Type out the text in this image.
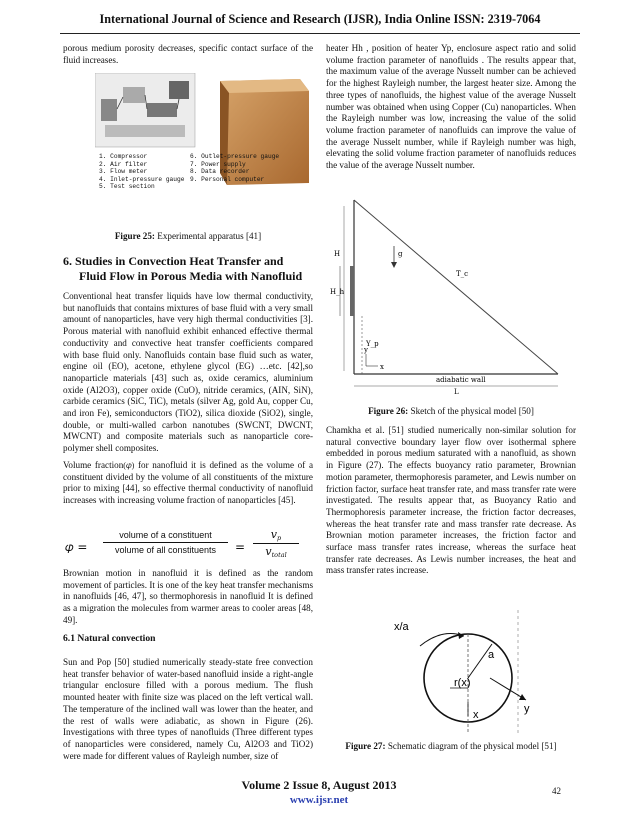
International Journal of Science and Research (IJSR), India Online ISSN: 2319-7064
porous medium porosity decreases, specific contact surface of the fluid increases.
1. Compressor
2. Air filter
3. Flow meter
4. Inlet-pressure gauge
5. Test section
6. Outlet-pressure gauge
7. Power supply
8. Data recorder
9. Personal computer
Figure 25: Experimental apparatus [41]
6. Studies in Convection Heat Transfer and
Fluid Flow in Porous Media with Nanofluid
Conventional heat transfer liquids have low thermal conductivity, but nanofluids that contains mixtures of base fluid with a very small amount of nanoparticles, have very high thermal conductivities [3]. Porous material with nanofluid exhibit enhanced effective thermal conductivity and convective heat transfer coefficients compared with base fluid only. Nanofluids contain base fluid such as water, engine oil (EO), acetone, ethylene glycol (EG) …etc. [42],so nanoparticle materials [43] such as, oxide ceramics, aluminium oxide (Al2O3), copper oxide (CuO), nitride ceramics, (AIN, SiN), carbide ceramics (SiC, TiC), metals (silver Ag, gold Au, copper Cu, and iron Fe), semiconductors (TiO2), silica dioxide (SiO2), single, double, or multi-walled carbon nanotubes (SWCNT, DWCNT, MWCNT) and composite materials such as nanoparticle core-polymer shell composites.
Volume fraction(𝜑) for nanofluid it is defined as the volume of a constituent divided by the volume of all constituents of the mixture prior to mixing [44], so effective thermal conductivity of nanofluid increases with increasing volume fraction of nanoparticles [45].
𝜑 =
volume of a constituent
volume of all constituents	=
𝑣$_𝑝$
𝑣$_{𝑡𝑜𝑡𝑎𝑙}$
Brownian motion in nanofluid it is defined as the random movement of particles. It is one of the key heat transfer mechanisms in nanofluids [46, 47], so thermophoresis in nanofluid It is defined as a migration the molecules from warmer areas to cooler areas [48, 49].
6.1 Natural convection
Sun and Pop [50] studied numerically steady-state free convection heat transfer behavior of water-based nanofluid inside a right-angle triangular enclosure filled with a porous medium. The flush mounted heater with finite size was placed on the left vertical wall. The temperature of the inclined wall was lower than the heater, and the rest of walls were adiabatic, as shown in Figure (26). Investigations with three types of nanofluids (Three different types of nanoparticles were considered, namely Cu, Al2O3 and TiO2) were made for different values of Rayleigh number, size of
heater Hh , position of heater Yp, enclosure aspect ratio and solid volume fraction parameter of nanofluids . The results appear that, the maximum value of the average Nusselt number can be achieved for the highest Rayleigh number, the largest heater size. Among the three types of nanofluids, the highest value of the average Nusselt number was obtained when using Copper (Cu) nanoparticles. When the Rayleigh number was low, increasing the value of the solid volume fraction parameter of nanofluids can improve the value of the average Nusselt number, while if Rayleigh number was high, elevating the solid volume fraction parameter of nanofluids reduces the value of the average Nusselt number.
g
T_c
H_h
Y_p
y
x
H
adiabatic wall
L
Figure 26: Sketch of the physical model [50]
Chamkha et al. [51] studied numerically non-similar solution for natural convective boundary layer flow over isothermal sphere embedded in porous medium saturated with a nanofluid, as shown in Figure (27). The effects buoyancy ratio parameter, Brownian motion parameter, thermophoresis parameter, and Lewis number on friction factor, surface heat transfer rate, and mass transfer rate were investigated. The results appear that, as Buoyancy Ratio and Thermophoresis parameter increase, the friction factor decreases, whereas the heat transfer rate and mass transfer rate decrease. As Brownian motion parameter increases, the friction factor and surface mass transfer rates increase, whereas the surface heat transfer rate decreases. As Lewis number increases, the heat and mass transfer rates increase.
x/a
a
r(x)
x	y
Figure 27: Schematic diagram of the physical model [51]
Volume 2 Issue 8, August 2013
www.ijsr.net
42
